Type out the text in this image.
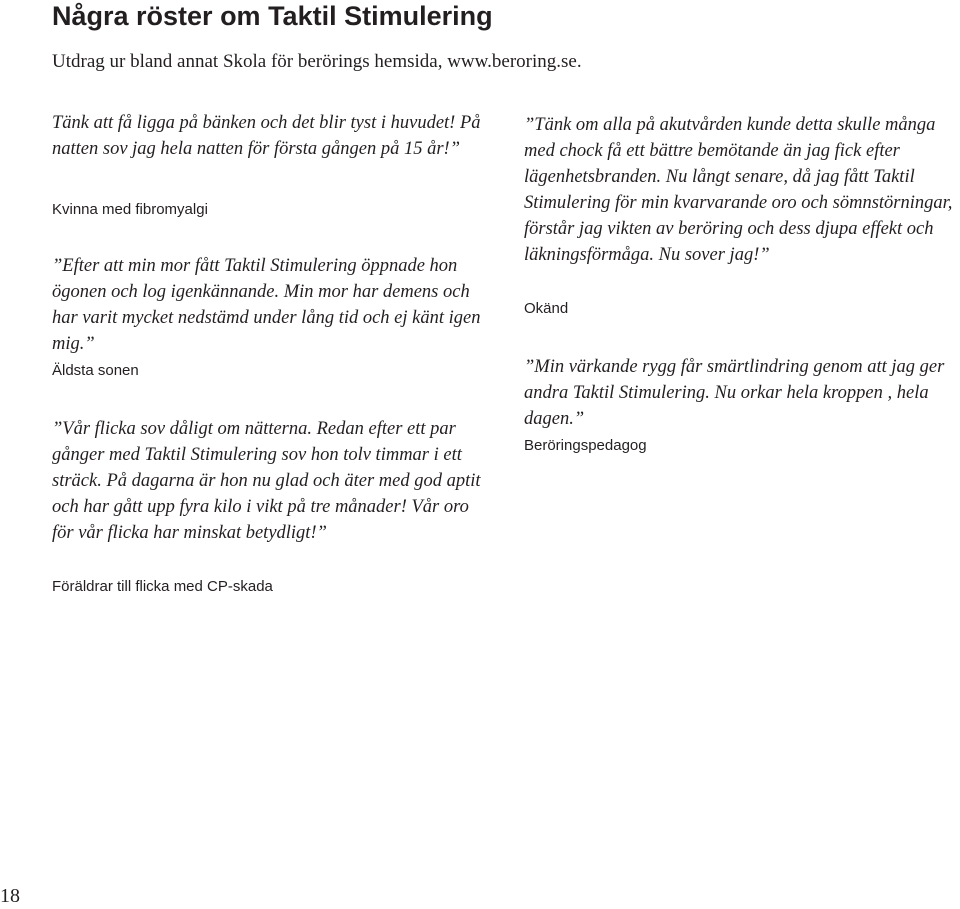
Några röster om Taktil Stimulering
Utdrag ur bland annat Skola för berörings hemsida, www.beroring.se.

Tänk att få ligga på bänken och det blir tyst i huvudet! På natten sov jag hela natten för första gången på 15 år!”

Kvinna med fibromyalgi

”Efter att min mor fått Taktil Stimulering öppnade hon ögonen och log igenkännande. Min mor har demens och har varit mycket nedstämd under lång tid och ej känt igen mig.”

Äldsta sonen

”Vår flicka sov dåligt om nätterna. Redan efter ett par gånger med Taktil Stimulering sov hon tolv timmar i ett sträck. På dagarna är hon nu glad och äter med god aptit och har gått upp fyra kilo i vikt på tre månader! Vår oro för vår flicka har minskat betydligt!”

Föräldrar till flicka med CP-skada

”Tänk om alla på akutvården kunde detta skulle många med chock få ett bättre bemötande än jag fick efter lägenhetsbranden. Nu långt senare, då jag fått Taktil Stimulering för min kvarvarande oro och sömnstörningar, förstår jag vikten av beröring och dess djupa effekt och läkningsförmåga. Nu sover jag!”

Okänd

”Min värkande rygg får smärtlindring genom att jag ger andra Taktil Stimulering. Nu orkar hela kroppen , hela dagen.”

Beröringspedagog
18
